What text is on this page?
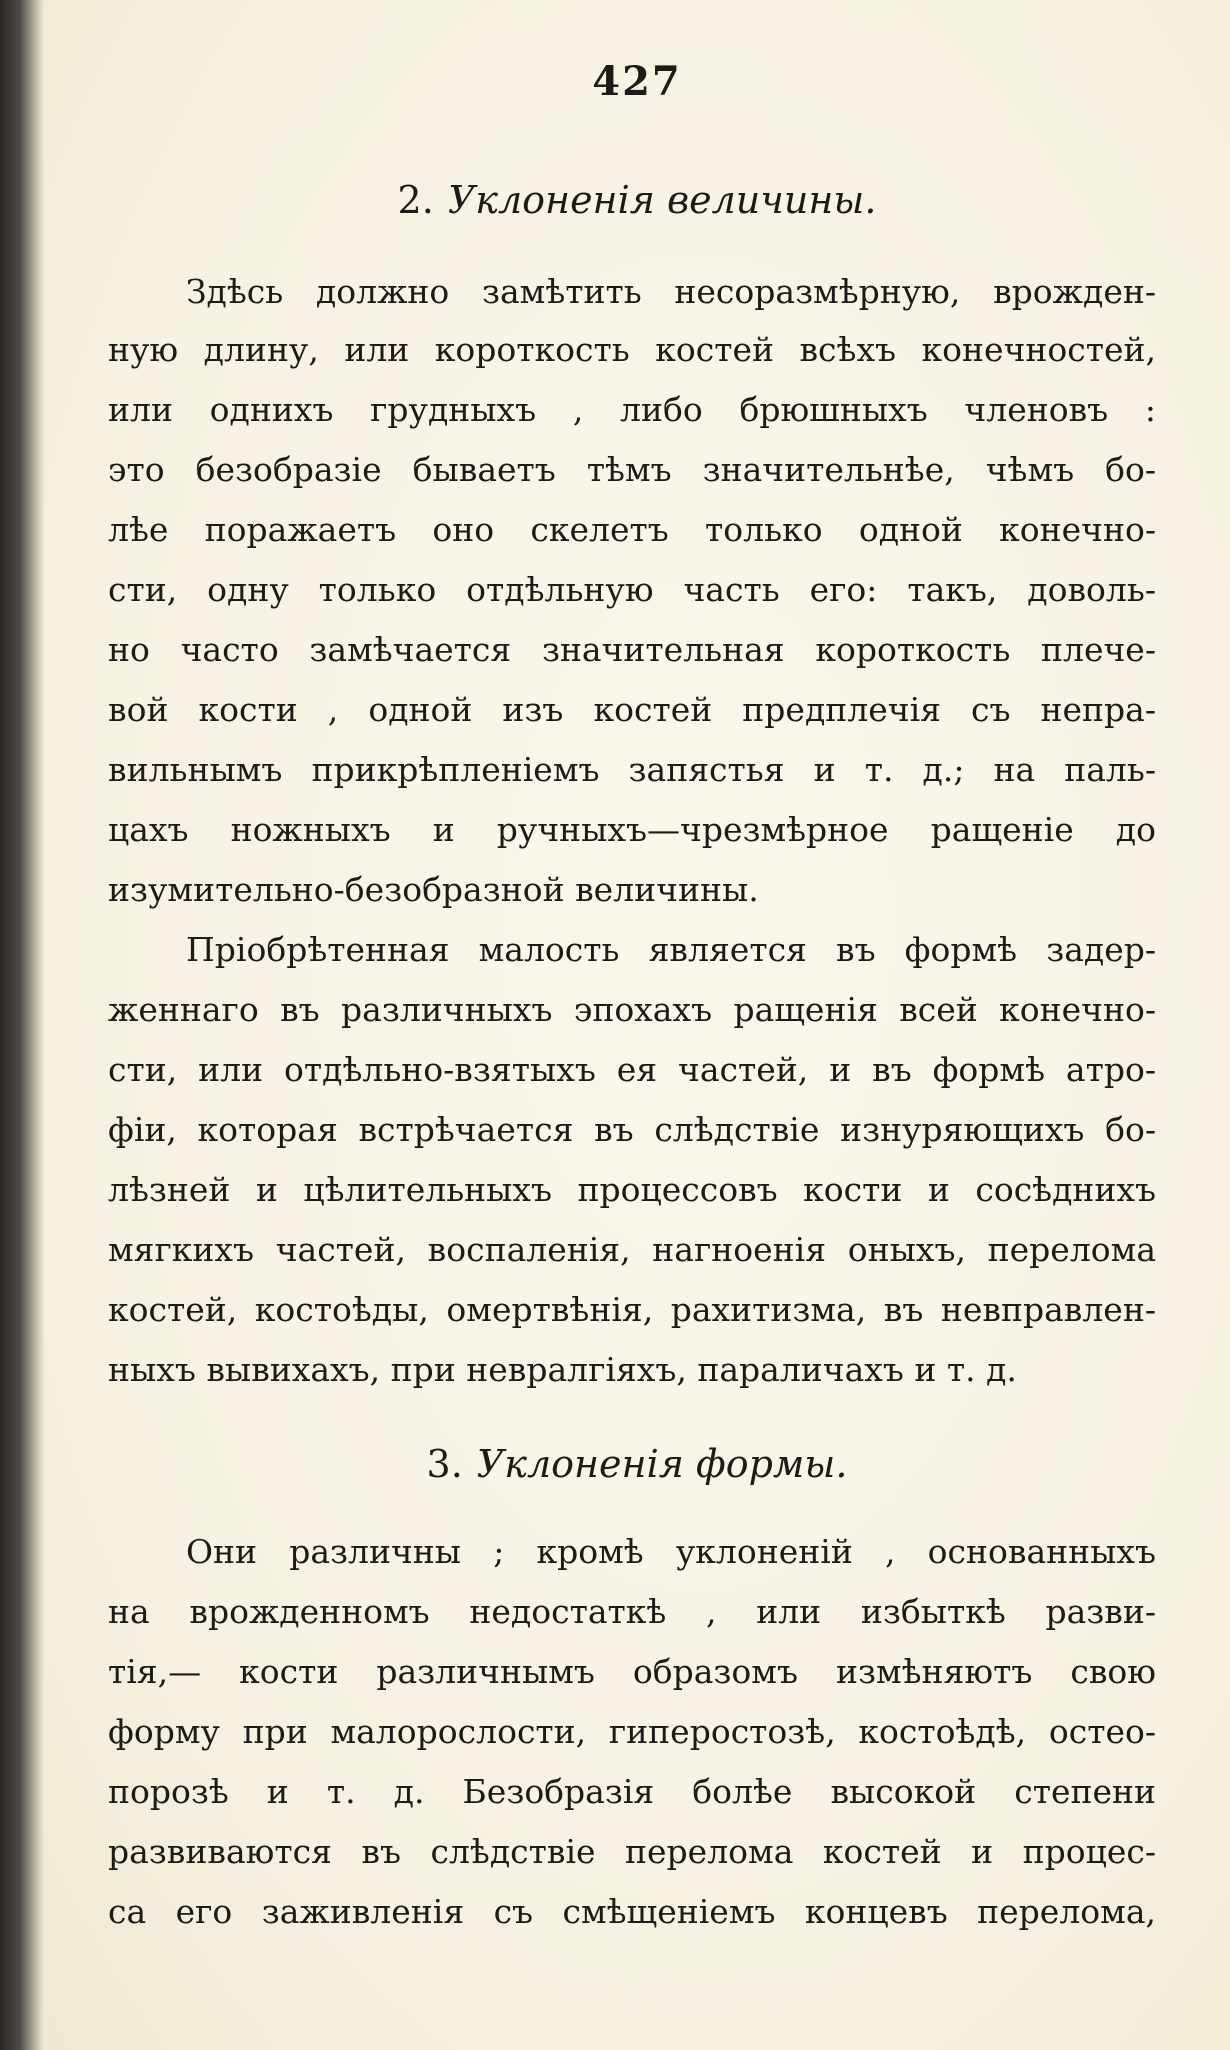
427
2. Уклоненія величины.
Здѣсь должно замѣтить несоразмѣрную, врожден-
ную длину, или короткость костей всѣхъ конечностей,
или однихъ грудныхъ , либо брюшныхъ членовъ :
это безобразіе бываетъ тѣмъ значительнѣе, чѣмъ бо-
лѣе поражаетъ оно скелетъ только одной конечно-
сти, одну только отдѣльную часть его: такъ, доволь-
но часто замѣчается значительная короткость плече-
вой кости , одной изъ костей предплечія съ непра-
вильнымъ прикрѣпленіемъ запястья и т. д.; на паль-
цахъ ножныхъ и ручныхъ—чрезмѣрное ращеніе до
изумительно-безобразной величины.
Пріобрѣтенная малость является въ формѣ задер-
женнаго въ различныхъ эпохахъ ращенія всей конечно-
сти, или отдѣльно-взятыхъ ея частей, и въ формѣ атро-
фіи, которая встрѣчается въ слѣдствіе изнуряющихъ бо-
лѣзней и цѣлительныхъ процессовъ кости и сосѣднихъ
мягкихъ частей, воспаленія, нагноенія оныхъ, перелома
костей, костоѣды, омертвѣнія, рахитизма, въ невправлен-
ныхъ вывихахъ, при невралгіяхъ, параличахъ и т. д.
3. Уклоненія формы.
Они различны ; кромѣ уклоненій , основанныхъ
на врожденномъ недостаткѣ , или избыткѣ разви-
тія,— кости различнымъ образомъ измѣняютъ свою
форму при малорослости, гиперостозѣ, костоѣдѣ, остео-
порозѣ и т. д. Безобразія болѣе высокой степени
развиваются въ слѣдствіе перелома костей и процес-
са его заживленія съ смѣщеніемъ концевъ перелома,
